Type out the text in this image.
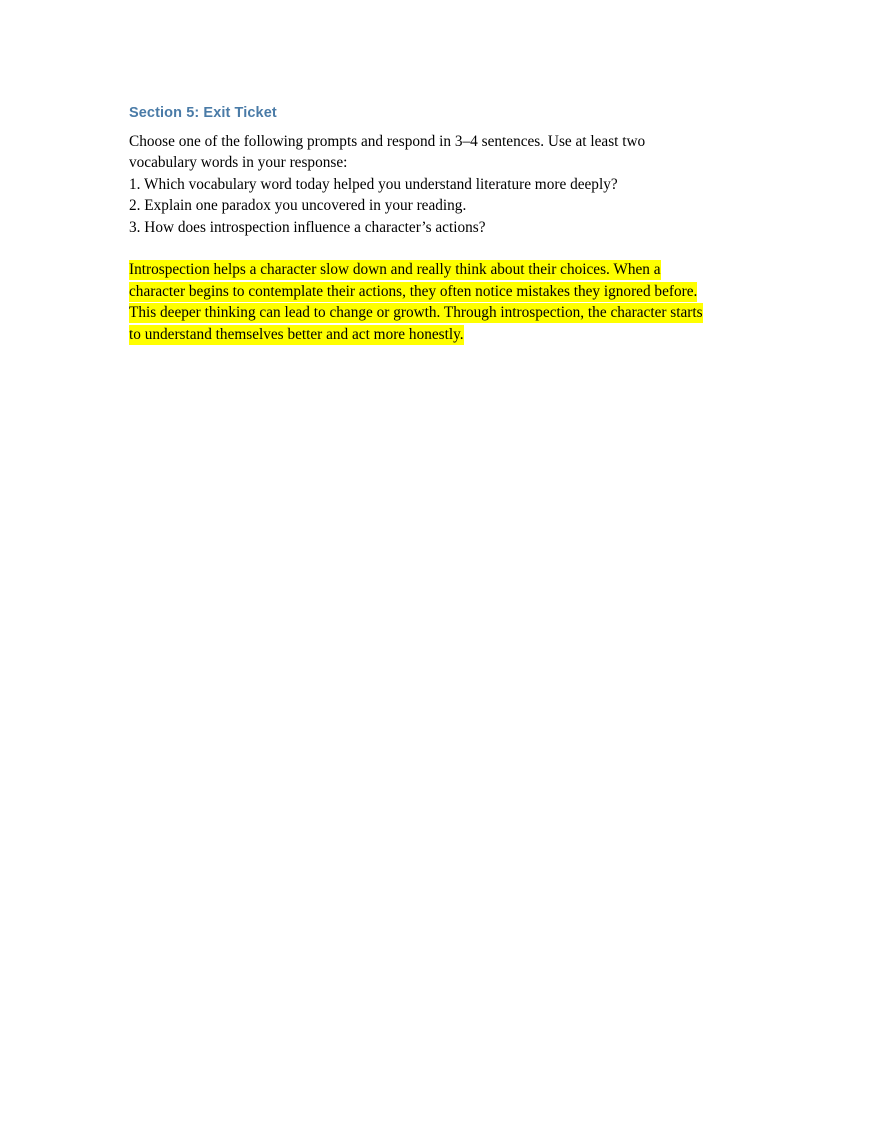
Section 5: Exit Ticket

Choose one of the following prompts and respond in 3–4 sentences. Use at least two vocabulary words in your response:

1. Which vocabulary word today helped you understand literature more deeply?

2. Explain one paradox you uncovered in your reading.

3. How does introspection influence a character’s actions?

Introspection helps a character slow down and really think about their choices. When a character begins to contemplate their actions, they often notice mistakes they ignored before. This deeper thinking can lead to change or growth. Through introspection, the character starts to understand themselves better and act more honestly.
